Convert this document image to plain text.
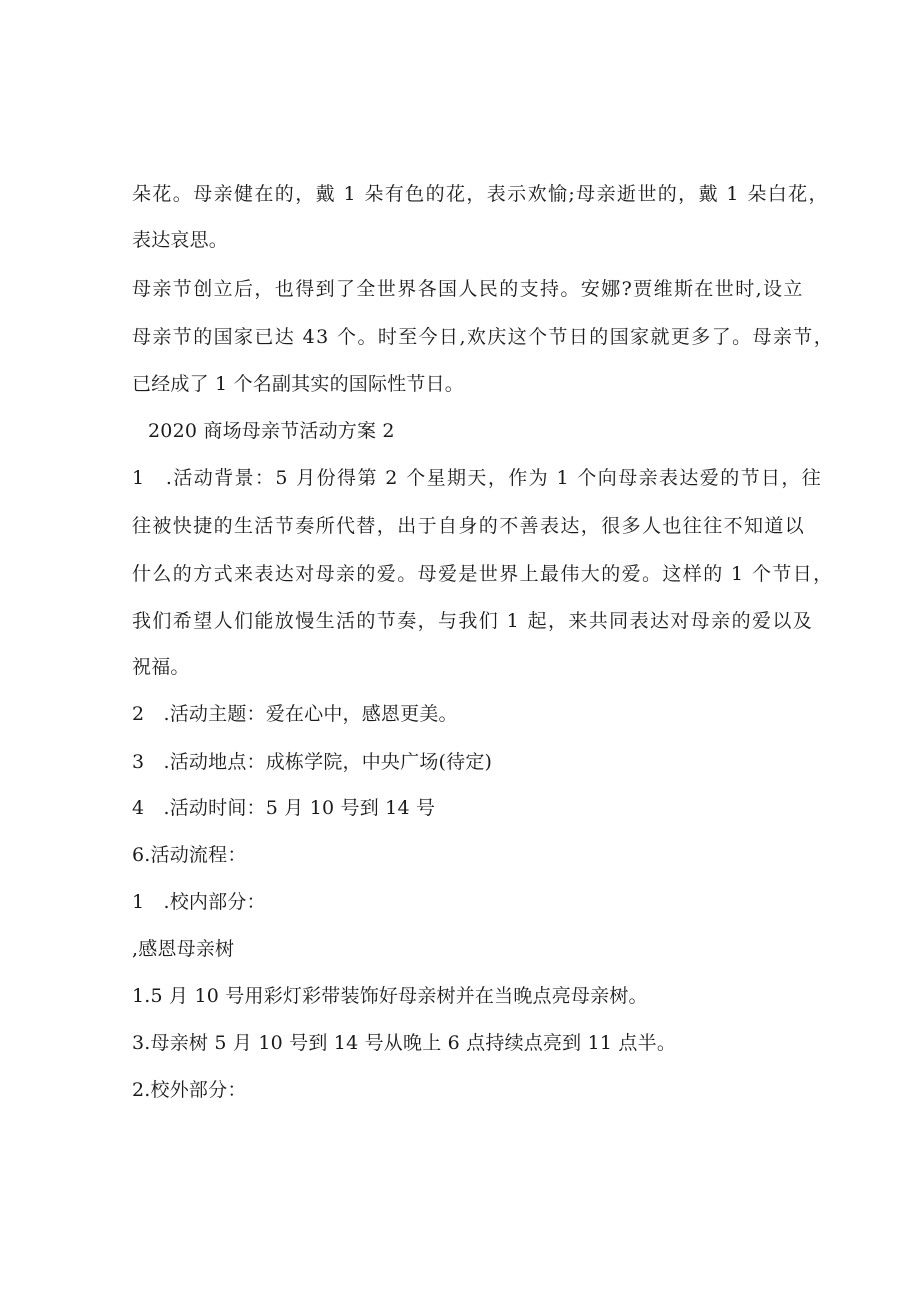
朵花。母亲健在的，戴 1 朵有色的花，表示欢愉;母亲逝世的，戴 1 朵白花，
表达哀思。
母亲节创立后，也得到了全世界各国人民的支持。安娜?贾维斯在世时,设立
母亲节的国家已达 43 个。时至今日,欢庆这个节日的国家就更多了。母亲节，
已经成了 1 个名副其实的国际性节日。
2020 商场母亲节活动方案 2
1　.活动背景：5 月份得第 2 个星期天，作为 1 个向母亲表达爱的节日，往
往被快捷的生活节奏所代替，出于自身的不善表达，很多人也往往不知道以
什么的方式来表达对母亲的爱。母爱是世界上最伟大的爱。这样的 1 个节日，
我们希望人们能放慢生活的节奏，与我们 1 起，来共同表达对母亲的爱以及
祝福。
2　.活动主题：爱在心中，感恩更美。
3　.活动地点：成栋学院，中央广场(待定)
4　.活动时间：5 月 10 号到 14 号
6.活动流程：
1　.校内部分：
,感恩母亲树
1.5 月 10 号用彩灯彩带装饰好母亲树并在当晚点亮母亲树。
3.母亲树 5 月 10 号到 14 号从晚上 6 点持续点亮到 11 点半。
2.校外部分：
